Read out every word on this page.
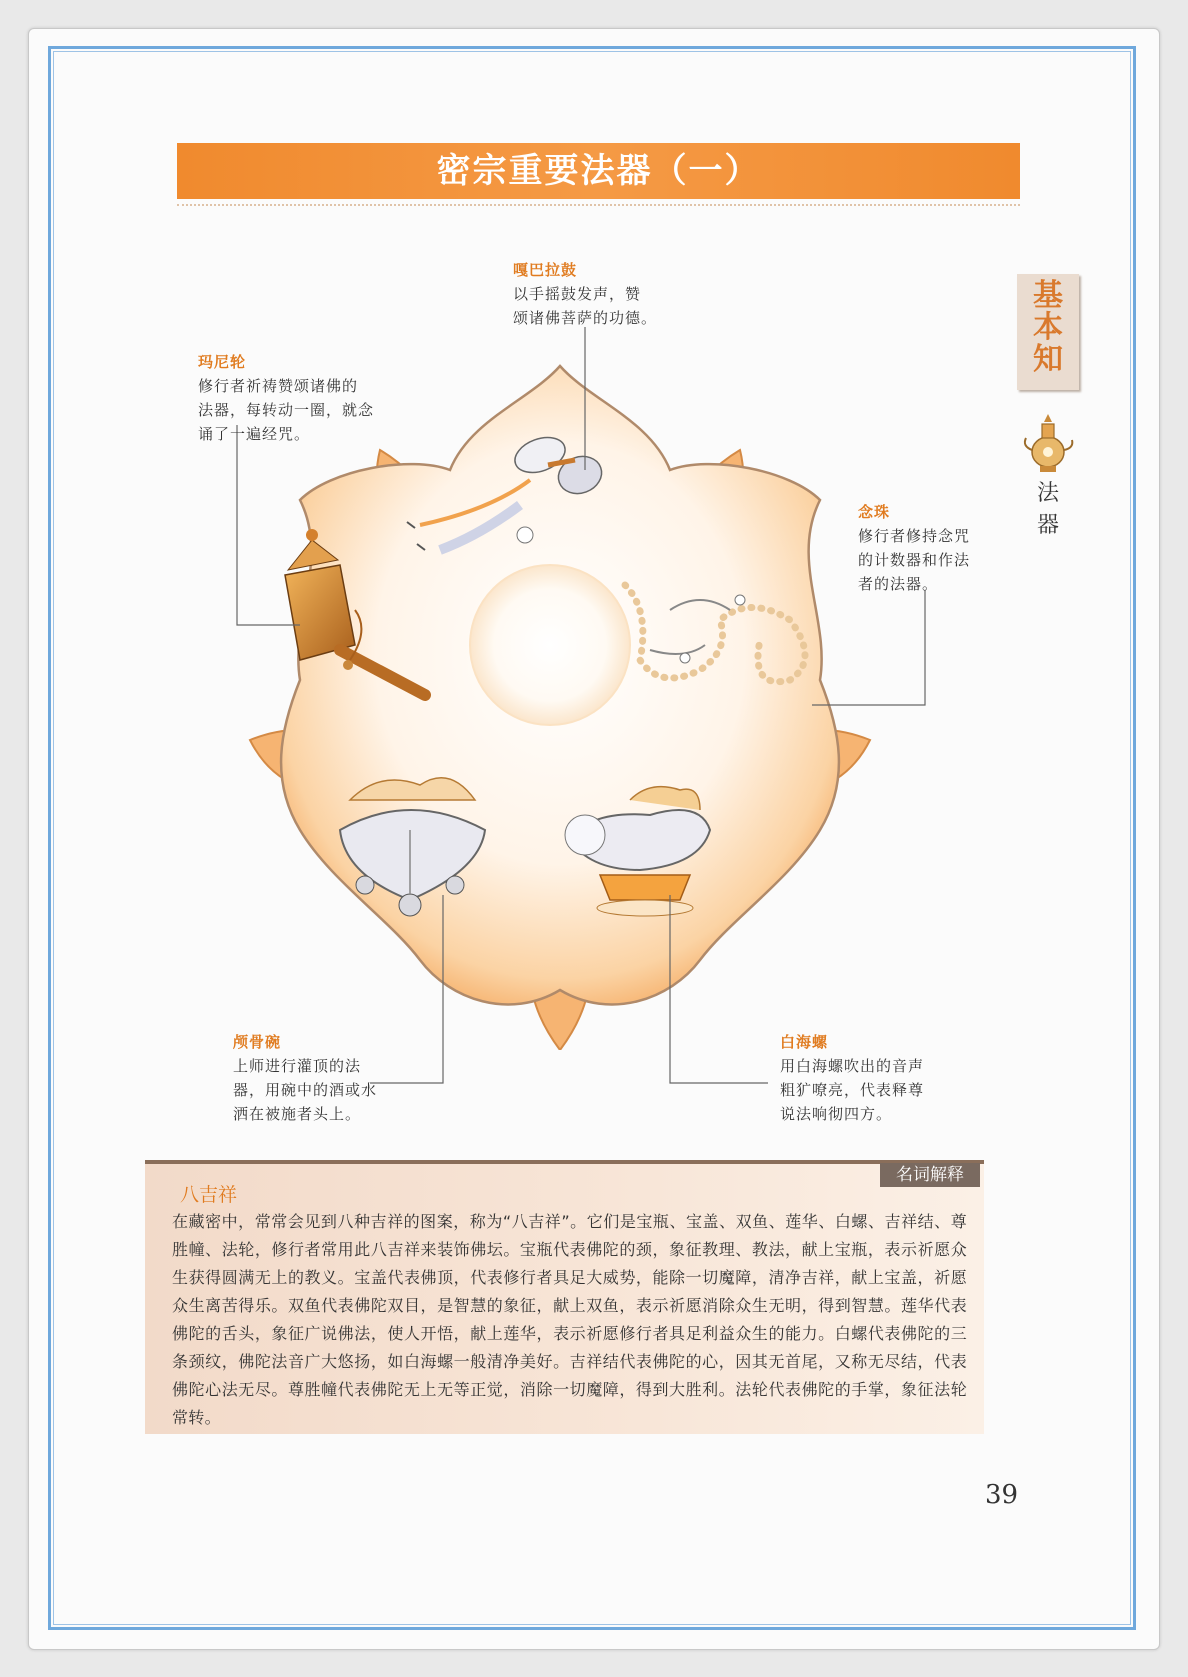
密宗重要法器（一）
基
本
知
法
器
嘎巴拉鼓
以手摇鼓发声，赞
颂诸佛菩萨的功德。
玛尼轮
修行者祈祷赞颂诸佛的
法器，每转动一圈，就念
诵了一遍经咒。
念珠
修行者修持念咒
的计数器和作法
者的法器。
颅骨碗
上师进行灌顶的法
器，用碗中的酒或水
洒在被施者头上。
白海螺
用白海螺吹出的音声
粗犷嘹亮，代表释尊
说法响彻四方。
名词解释
八吉祥
在藏密中，常常会见到八种吉祥的图案，称为“八吉祥”。它们是宝瓶、宝盖、双鱼、莲华、白螺、吉祥结、尊胜幢、法轮，修行者常用此八吉祥来装饰佛坛。宝瓶代表佛陀的颈，象征教理、教法，献上宝瓶，表示祈愿众生获得圆满无上的教义。宝盖代表佛顶，代表修行者具足大威势，能除一切魔障，清净吉祥，献上宝盖，祈愿众生离苦得乐。双鱼代表佛陀双目，是智慧的象征，献上双鱼，表示祈愿消除众生无明，得到智慧。莲华代表佛陀的舌头，象征广说佛法，使人开悟，献上莲华，表示祈愿修行者具足利益众生的能力。白螺代表佛陀的三条颈纹，佛陀法音广大悠扬，如白海螺一般清净美好。吉祥结代表佛陀的心，因其无首尾，又称无尽结，代表佛陀心法无尽。尊胜幢代表佛陀无上无等正觉，消除一切魔障，得到大胜利。法轮代表佛陀的手掌，象征法轮常转。
39
